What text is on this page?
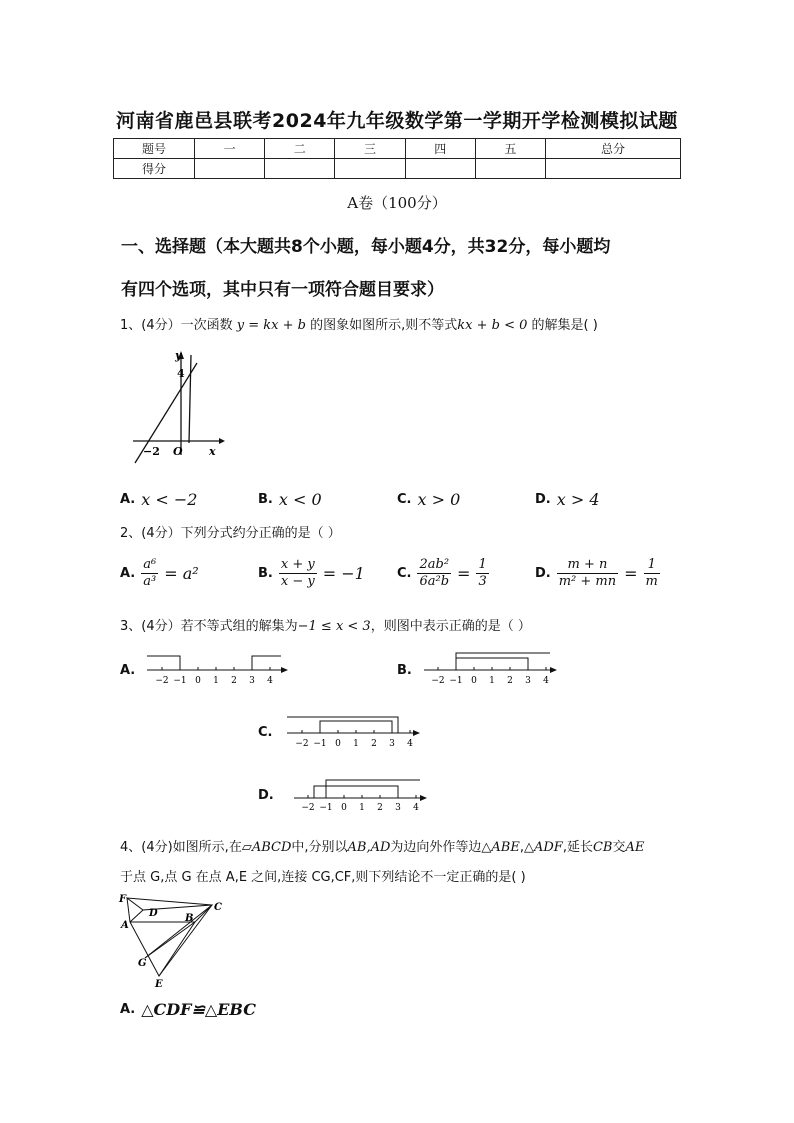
河南省鹿邑县联考2024年九年级数学第一学期开学检测模拟试题
题号	一	二	三	四	五	总分
得分						
A卷（100分）
一、选择题（本大题共8个小题，每小题4分，共32分，每小题均
有四个选项，其中只有一项符合题目要求）
1、(4分）一次函数 y = kx + b 的图象如图所示,则不等式kx + b < 0 的解集是( )
y
x
4
−2 O
A. x < −2	B. x < 0	C. x > 0	D. x > 4
2、(4分）下列分式约分正确的是（ ）
A. $\frac{\text{a⁶}}{\text{a³}} = a^2$	B. $\frac{x + y}{x - y} = -1$ C. $\frac{\text{2ab²}}{\text{6a²b}} = \frac{1}{3}$	D. $\frac{m + n}{\text{m² + mn}} = \frac{1}{m}$
3、(4分）若不等式组的解集为−1 ≤ x < 3，则图中表示正确的是（ ）
A.
−2 −1 0 1 2 3 4
B.
−2 −1 0 1 2 3 4
C.
−2 −1 0 1 2 3 4
D.
−2 −1 0 1 2 3 4
4、(4分)如图所示,在▱ABCD中,分别以AB,AD为边向外作等边△ABE,△ADF,延长CB交AE
于点 G,点 G 在点 A,E 之间,连接 CG,CF,则下列结论不一定正确的是( )
F
D
C
A
B
G
E
A. △CDF≌△EBC
